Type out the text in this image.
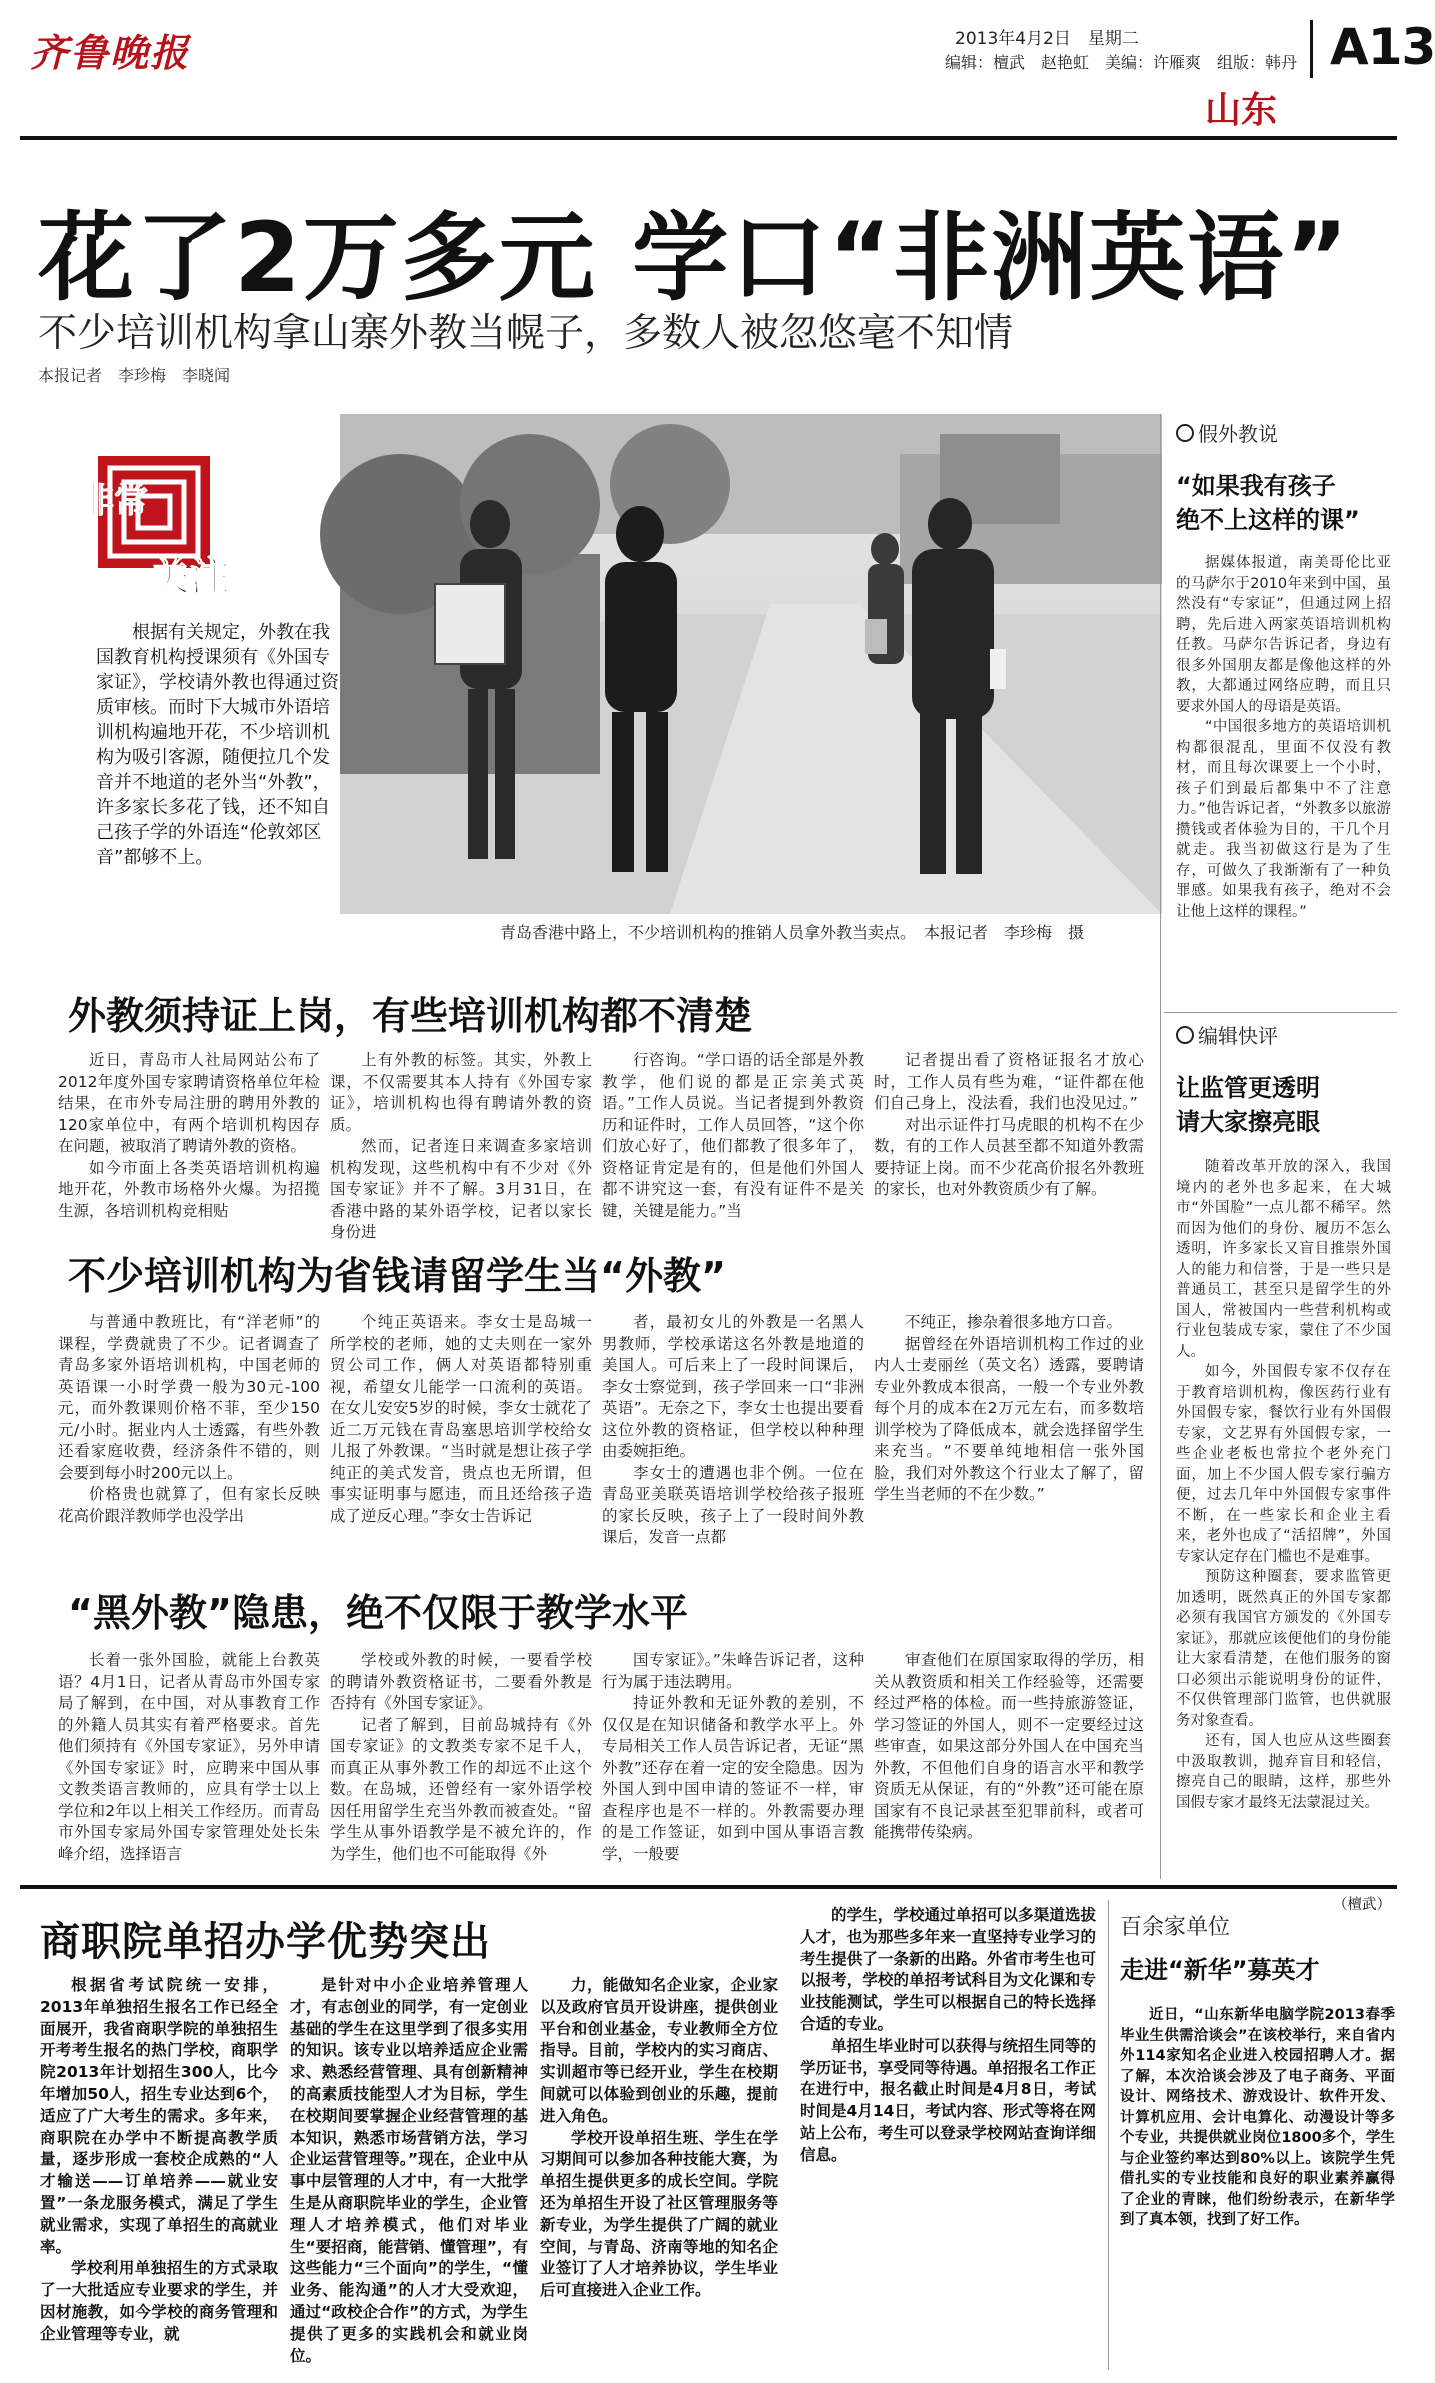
齐鲁晚报	2013年4月2日　星期二
编辑：檀武　赵艳虹　美编：许雁爽　组版：韩丹 A13
山东
花了2万多元 学口“非洲英语”
不少培训机构拿山寨外教当幌子，多数人被忽悠毫不知情
本报记者　李珍梅　李晓闻
非常
关注

根据有关规定，外教在我国教育机构授课须有《外国专家证》，学校请外教也得通过资质审核。而时下大城市外语培训机构遍地开花，不少培训机构为吸引客源，随便拉几个发音并不地道的老外当“外教”，许多家长多花了钱，还不知自己孩子学的外语连“伦敦郊区音”都够不上。

青岛香港中路上，不少培训机构的推销人员拿外教当卖点。　本报记者　李珍梅　摄
外教须持证上岗，有些培训机构都不清楚

近日，青岛市人社局网站公布了2012年度外国专家聘请资格单位年检结果，在市外专局注册的聘用外教的120家单位中，有两个培训机构因存在问题，被取消了聘请外教的资格。

如今市面上各类英语培训机构遍地开花，外教市场格外火爆。为招揽生源，各培训机构竞相贴

上有外教的标签。其实，外教上课，不仅需要其本人持有《外国专家证》，培训机构也得有聘请外教的资质。

然而，记者连日来调查多家培训机构发现，这些机构中有不少对《外国专家证》并不了解。3月31日，在香港中路的某外语学校，记者以家长身份进

行咨询。“学口语的话全部是外教教学，他们说的都是正宗美式英语。”工作人员说。当记者提到外教资历和证件时，工作人员回答，“这个你们放心好了，他们都教了很多年了，资格证肯定是有的，但是他们外国人都不讲究这一套，有没有证件不是关键，关键是能力。”当

记者提出看了资格证报名才放心时，工作人员有些为难，“证件都在他们自己身上，没法看，我们也没见过。”

对出示证件打马虎眼的机构不在少数，有的工作人员甚至都不知道外教需要持证上岗。而不少花高价报名外教班的家长，也对外教资质少有了解。

不少培训机构为省钱请留学生当“外教”

与普通中教班比，有“洋老师”的课程，学费就贵了不少。记者调查了青岛多家外语培训机构，中国老师的英语课一小时学费一般为30元-100元，而外教课则价格不菲，至少150元/小时。据业内人士透露，有些外教还看家庭收费，经济条件不错的，则会要到每小时200元以上。

价格贵也就算了，但有家长反映花高价跟洋教师学也没学出

个纯正英语来。李女士是岛城一所学校的老师，她的丈夫则在一家外贸公司工作，俩人对英语都特别重视，希望女儿能学一口流利的英语。在女儿安安5岁的时候，李女士就花了近二万元钱在青岛塞思培训学校给女儿报了外教课。“当时就是想让孩子学纯正的美式发音，贵点也无所谓，但事实证明事与愿违，而且还给孩子造成了逆反心理。”李女士告诉记

者，最初女儿的外教是一名黑人男教师，学校承诺这名外教是地道的美国人。可后来上了一段时间课后，李女士察觉到，孩子学回来一口“非洲英语”。无奈之下，李女士也提出要看这位外教的资格证，但学校以种种理由委婉拒绝。

李女士的遭遇也非个例。一位在青岛亚美联英语培训学校给孩子报班的家长反映，孩子上了一段时间外教课后，发音一点都

不纯正，掺杂着很多地方口音。

据曾经在外语培训机构工作过的业内人士麦丽丝（英文名）透露，要聘请专业外教成本很高，一般一个专业外教每个月的成本在2万元左右，而多数培训学校为了降低成本，就会选择留学生来充当。“不要单纯地相信一张外国脸，我们对外教这个行业太了解了，留学生当老师的不在少数。”

“黑外教”隐患，绝不仅限于教学水平

长着一张外国脸，就能上台教英语？4月1日，记者从青岛市外国专家局了解到，在中国，对从事教育工作的外籍人员其实有着严格要求。首先他们须持有《外国专家证》，另外申请《外国专家证》时，应聘来中国从事文教类语言教师的，应具有学士以上学位和2年以上相关工作经历。而青岛市外国专家局外国专家管理处处长朱峰介绍，选择语言

学校或外教的时候，一要看学校的聘请外教资格证书，二要看外教是否持有《外国专家证》。

记者了解到，目前岛城持有《外国专家证》的文教类专家不足千人，而真正从事外教工作的却远不止这个数。在岛城，还曾经有一家外语学校因任用留学生充当外教而被查处。“留学生从事外语教学是不被允许的，作为学生，他们也不可能取得《外

国专家证》。”朱峰告诉记者，这种行为属于违法聘用。

持证外教和无证外教的差别，不仅仅是在知识储备和教学水平上。外专局相关工作人员告诉记者，无证“黑外教”还存在着一定的安全隐患。因为外国人到中国申请的签证不一样，审查程序也是不一样的。外教需要办理的是工作签证，如到中国从事语言教学，一般要

审查他们在原国家取得的学历，相关从教资质和相关工作经验等，还需要经过严格的体检。而一些持旅游签证，学习签证的外国人，则不一定要经过这些审查，如果这部分外国人在中国充当外教，不但他们自身的语言水平和教学资质无从保证，有的“外教”还可能在原国家有不良记录甚至犯罪前科，或者可能携带传染病。

假外教说
“如果我有孩子
绝不上这样的课”

据媒体报道，南美哥伦比亚的马萨尔于2010年来到中国，虽然没有“专家证”，但通过网上招聘，先后进入两家英语培训机构任教。马萨尔告诉记者，身边有很多外国朋友都是像他这样的外教，大都通过网络应聘，而且只要求外国人的母语是英语。

“中国很多地方的英语培训机构都很混乱，里面不仅没有教材，而且每次课要上一个小时，孩子们到最后都集中不了注意力。”他告诉记者，“外教多以旅游攒钱或者体验为目的，干几个月就走。我当初做这行是为了生存，可做久了我渐渐有了一种负罪感。如果我有孩子，绝对不会让他上这样的课程。”

编辑快评
让监管更透明
请大家擦亮眼

随着改革开放的深入，我国境内的老外也多起来，在大城市“外国脸”一点儿都不稀罕。然而因为他们的身份、履历不怎么透明，许多家长又盲目推崇外国人的能力和信誉，于是一些只是普通员工，甚至只是留学生的外国人，常被国内一些营利机构或行业包装成专家，蒙住了不少国人。

如今，外国假专家不仅存在于教育培训机构，像医药行业有外国假专家，餐饮行业有外国假专家，文艺界有外国假专家，一些企业老板也常拉个老外充门面，加上不少国人假专家行骗方便，过去几年中外国假专家事件不断，在一些家长和企业主看来，老外也成了“活招牌”，外国专家认定存在门槛也不是难事。

预防这种圈套，要求监管更加透明，既然真正的外国专家都必须有我国官方颁发的《外国专家证》，那就应该便他们的身份能让大家看清楚，在他们服务的窗口必须出示能说明身份的证件，不仅供管理部门监管，也供就服务对象查看。

还有，国人也应从这些圈套中汲取教训，抛弃盲目和轻信，擦亮自己的眼睛，这样，那些外国假专家才最终无法蒙混过关。

（檀武）
商职院单招办学优势突出

根据省考试院统一安排，2013年单独招生报名工作已经全面展开，我省商职学院的单独招生开考考生报名的热门学校，商职学院2013年计划招生300人，比今年增加50人，招生专业达到6个，适应了广大考生的需求。多年来，商职院在办学中不断提高教学质量，逐步形成一套校企成熟的“人才输送——订单培养——就业安置”一条龙服务模式，满足了学生就业需求，实现了单招生的高就业率。

学校利用单独招生的方式录取了一大批适应专业要求的学生，并因材施教，如今学校的商务管理和企业管理等专业，就

是针对中小企业培养管理人才，有志创业的同学，有一定创业基础的学生在这里学到了很多实用的知识。该专业以培养适应企业需求、熟悉经营管理、具有创新精神的高素质技能型人才为目标，学生在校期间要掌握企业经营管理的基本知识，熟悉市场营销方法，学习企业运营管理等。”现在，企业中从事中层管理的人才中，有一大批学生是从商职院毕业的学生，企业管理人才培养模式，他们对毕业生“要招商，能营销、懂管理”，有这些能力“三个面向”的学生，“懂业务、能沟通”的人才大受欢迎，通过“政校企合作”的方式，为学生提供了更多的实践机会和就业岗位。

力，能做知名企业家，企业家以及政府官员开设讲座，提供创业平台和创业基金，专业教师全方位指导。目前，学校内的实习商店、实训超市等已经开业，学生在校期间就可以体验到创业的乐趣，提前进入角色。

学校开设单招生班、学生在学习期间可以参加各种技能大赛，为单招生提供更多的成长空间。学院还为单招生开设了社区管理服务等新专业，为学生提供了广阔的就业空间，与青岛、济南等地的知名企业签订了人才培养协议，学生毕业后可直接进入企业工作。

的学生，学校通过单招可以多渠道选拔人才，也为那些多年来一直坚持专业学习的考生提供了一条新的出路。外省市考生也可以报考，学校的单招考试科目为文化课和专业技能测试，学生可以根据自己的特长选择合适的专业。

单招生毕业时可以获得与统招生同等的学历证书，享受同等待遇。单招报名工作正在进行中，报名截止时间是4月8日，考试时间是4月14日，考试内容、形式等将在网站上公布，考生可以登录学校网站查询详细信息。

百余家单位
走进“新华”募英才

近日，“山东新华电脑学院2013春季毕业生供需洽谈会”在该校举行，来自省内外114家知名企业进入校园招聘人才。据了解，本次洽谈会涉及了电子商务、平面设计、网络技术、游戏设计、软件开发、计算机应用、会计电算化、动漫设计等多个专业，共提供就业岗位1800多个，学生与企业签约率达到80%以上。该院学生凭借扎实的专业技能和良好的职业素养赢得了企业的青睐，他们纷纷表示，在新华学到了真本领，找到了好工作。
